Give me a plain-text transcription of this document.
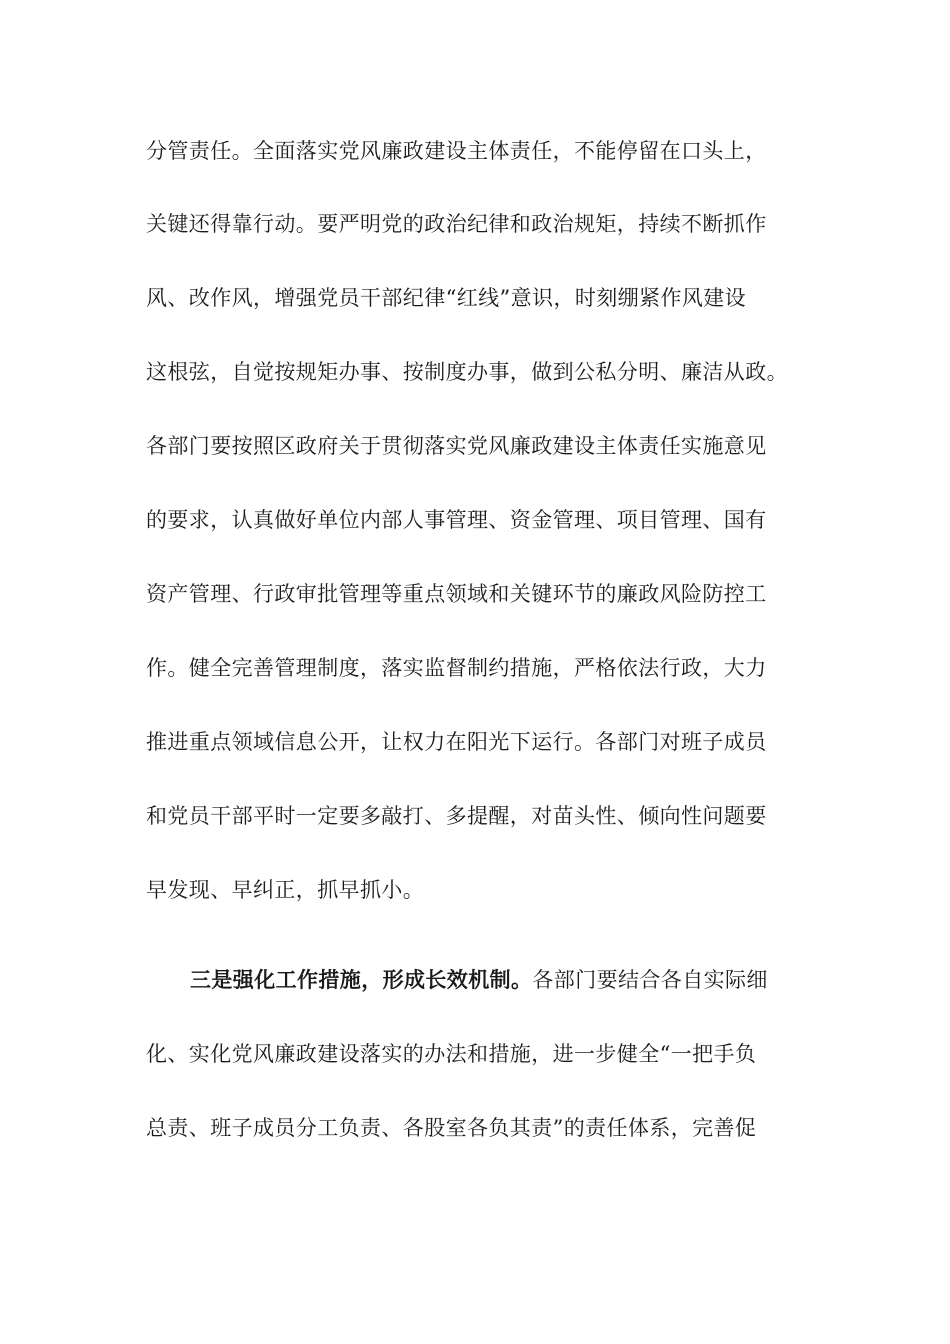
分管责任。全面落实党风廉政建设主体责任，不能停留在口头上，
关键还得靠行动。要严明党的政治纪律和政治规矩，持续不断抓作
风、改作风，增强党员干部纪律“红线”意识，时刻绷紧作风建设
这根弦，自觉按规矩办事、按制度办事，做到公私分明、廉洁从政。
各部门要按照区政府关于贯彻落实党风廉政建设主体责任实施意见
的要求，认真做好单位内部人事管理、资金管理、项目管理、国有
资产管理、行政审批管理等重点领域和关键环节的廉政风险防控工
作。健全完善管理制度，落实监督制约措施，严格依法行政，大力
推进重点领域信息公开，让权力在阳光下运行。各部门对班子成员
和党员干部平时一定要多敲打、多提醒，对苗头性、倾向性问题要
早发现、早纠正，抓早抓小。
三是强化工作措施，形成长效机制。各部门要结合各自实际细
化、实化党风廉政建设落实的办法和措施，进一步健全“一把手负
总责、班子成员分工负责、各股室各负其责”的责任体系，完善促
